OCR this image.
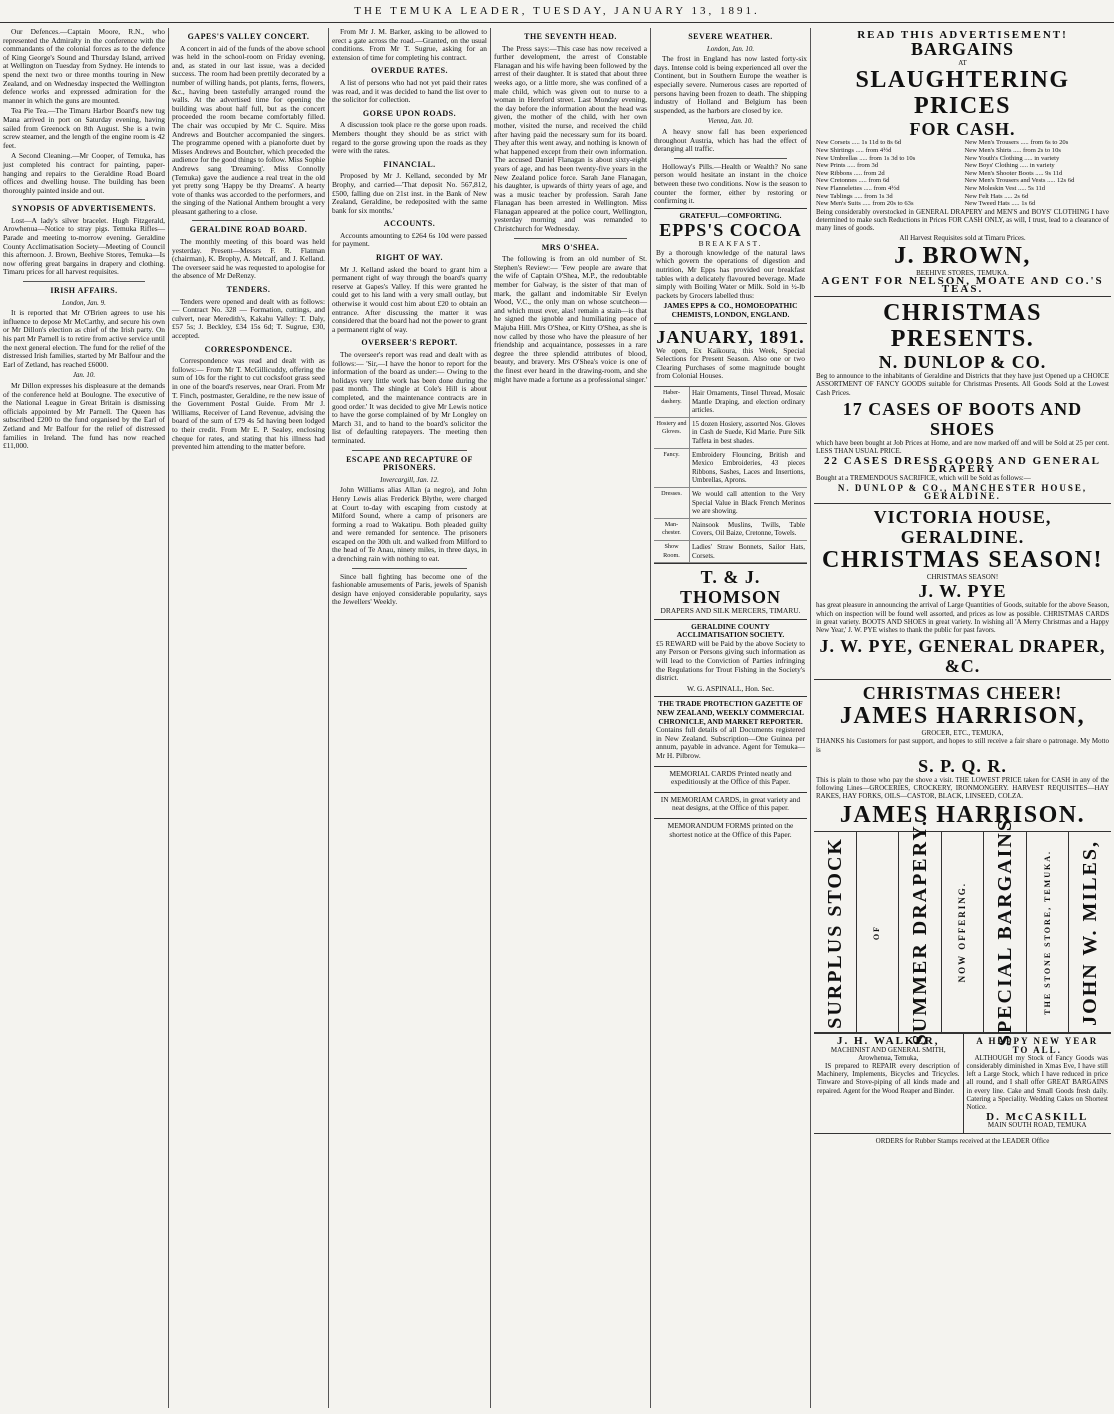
THE TEMUKA LEADER, TUESDAY, JANUARY 13, 1891.

Our Defences.—Captain Moore, R.N., who represented the Admiralty in the conference with the commandants of the colonial forces as to the defence of King George's Sound and Thursday Island, arrived at Wellington on Tuesday from Sydney. He intends to spend the next two or three months touring in New Zealand, and on Wednesday inspected the Wellington defence works and expressed admiration for the manner in which the guns are mounted.

Tea Pie Tea.—The Timaru Harbor Board's new tug Mana arrived in port on Saturday evening, having sailed from Greenock on 8th August. She is a twin screw steamer, and the length of the engine room is 42 feet.

A Second Cleaning.—Mr Cooper, of Temuka, has just completed his contract for painting, paper-hanging and repairs to the Geraldine Road Board offices and dwelling house. The building has been thoroughly painted inside and out.

SYNOPSIS OF ADVERTISEMENTS.

Lost—A lady's silver bracelet. Hugh Fitzgerald, Arowhenua—Notice to stray pigs. Temuka Rifles—Parade and meeting to-morrow evening. Geraldine County Acclimatisation Society—Meeting of Council this afternoon. J. Brown, Beehive Stores, Temuka—Is now offering great bargains in drapery and clothing. Timaru prices for all harvest requisites.

IRISH AFFAIRS.
London, Jan. 9.

It is reported that Mr O'Brien agrees to use his influence to depose Mr McCarthy, and secure his own or Mr Dillon's election as chief of the Irish party. On his part Mr Parnell is to retire from active service until the next general election. The fund for the relief of the distressed Irish families, started by Mr Balfour and the Earl of Zetland, has reached £6000.

Jan. 10.

Mr Dillon expresses his displeasure at the demands of the conference held at Boulogne. The executive of the National League in Great Britain is dismissing officials appointed by Mr Parnell. The Queen has subscribed £200 to the fund organised by the Earl of Zetland and Mr Balfour for the relief of distressed families in Ireland. The fund has now reached £11,000.

GAPES'S VALLEY CONCERT.

A concert in aid of the funds of the above school was held in the school-room on Friday evening, and, as stated in our last issue, was a decided success. The room had been prettily decorated by a number of willing hands, pot plants, ferns, flowers, &c., having been tastefully arranged round the walls. At the advertised time for opening the building was about half full, but as the concert proceeded the room became comfortably filled. The chair was occupied by Mr C. Squire. Miss Andrews and Boutcher accompanied the singers. The programme opened with a pianoforte duet by Misses Andrews and Boutcher, which preceded the audience for the good things to follow. Miss Sophie Andrews sang 'Dreaming'. Miss Connolly (Temuka) gave the audience a real treat in the old yet pretty song 'Happy be thy Dreams'. A hearty vote of thanks was accorded to the performers, and the singing of the National Anthem brought a very pleasant gathering to a close.

GERALDINE ROAD BOARD.

The monthly meeting of this board was held yesterday. Present—Messrs F. R. Flatman (chairman), K. Brophy, A. Metcalf, and J. Kelland. The overseer said he was requested to apologise for the absence of Mr DeRenzy.

TENDERS.

Tenders were opened and dealt with as follows:— Contract No. 328 — Formation, cuttings, and culvert, near Meredith's, Kakahu Valley: T. Daly, £57 5s; J. Beckley, £34 15s 6d; T. Sugrue, £30, accepted.

CORRESPONDENCE.

Correspondence was read and dealt with as follows:— From Mr T. McGillicuddy, offering the sum of 10s for the right to cut cocksfoot grass seed in one of the board's reserves, near Orari. From Mr T. Finch, postmaster, Geraldine, re the new issue of the Government Postal Guide. From Mr J. Williams, Receiver of Land Revenue, advising the board of the sum of £79 4s 5d having been lodged to their credit. From Mr E. P. Sealey, enclosing cheque for rates, and stating that his illness had prevented him attending to the matter before.

From Mr J. M. Barker, asking to be allowed to erect a gate across the road.—Granted, on the usual conditions. From Mr T. Sugrue, asking for an extension of time for completing his contract.

OVERDUE RATES.

A list of persons who had not yet paid their rates was read, and it was decided to hand the list over to the solicitor for collection.

GORSE UPON ROADS.

A discussion took place re the gorse upon roads. Members thought they should be as strict with regard to the gorse growing upon the roads as they were with the rates.

FINANCIAL.

Proposed by Mr J. Kelland, seconded by Mr Brophy, and carried—'That deposit No. 567,812, £500, falling due on 21st inst. in the Bank of New Zealand, Geraldine, be redeposited with the same bank for six months.'

ACCOUNTS.

Accounts amounting to £264 6s 10d were passed for payment.

RIGHT OF WAY.

Mr J. Kelland asked the board to grant him a permanent right of way through the board's quarry reserve at Gapes's Valley. If this were granted he could get to his land with a very small outlay, but otherwise it would cost him about £20 to obtain an entrance. After discussing the matter it was considered that the board had not the power to grant a permanent right of way.

OVERSEER'S REPORT.

The overseer's report was read and dealt with as follows:— 'Sir,—I have the honor to report for the information of the board as under:— Owing to the holidays very little work has been done during the past month. The shingle at Cole's Hill is about completed, and the maintenance contracts are in good order.' It was decided to give Mr Lewis notice to have the gorse complained of by Mr Longley on March 31, and to hand to the board's solicitor the list of defaulting ratepayers. The meeting then terminated.

ESCAPE AND RECAPTURE OF PRISONERS.
Invercargill, Jan. 12.

John Williams alias Allan (a negro), and John Henry Lewis alias Frederick Blythe, were charged at Court to-day with escaping from custody at Milford Sound, where a camp of prisoners are forming a road to Wakatipu. Both pleaded guilty and were remanded for sentence. The prisoners escaped on the 30th ult. and walked from Milford to the head of Te Anau, ninety miles, in three days, in a drenching rain with nothing to eat.

Since ball fighting has become one of the fashionable amusements of Paris, jewels of Spanish design have enjoyed considerable popularity, says the Jewellers' Weekly.

THE SEVENTH HEAD.

The Press says:—This case has now received a further development, the arrest of Constable Flanagan and his wife having been followed by the arrest of their daughter. It is stated that about three weeks ago, or a little more, she was confined of a male child, which was given out to nurse to a woman in Hereford street. Last Monday evening, the day before the information about the head was given, the mother of the child, with her own mother, visited the nurse, and received the child after having paid the necessary sum for its board. They after this went away, and nothing is known of what happened except from their own information. The accused Daniel Flanagan is about sixty-eight years of age, and has been twenty-five years in the New Zealand police force. Sarah Jane Flanagan, his daughter, is upwards of thirty years of age, and was a music teacher by profession. Sarah Jane Flanagan has been arrested in Wellington. Miss Flanagan appeared at the police court, Wellington, yesterday morning and was remanded to Christchurch for Wednesday.

MRS O'SHEA.

The following is from an old number of St. Stephen's Review:— 'Few people are aware that the wife of Captain O'Shea, M.P., the redoubtable member for Galway, is the sister of that man of mark, the gallant and indomitable Sir Evelyn Wood, V.C., the only man on whose scutcheon—and which must ever, alas! remain a stain—is that he signed the ignoble and humiliating peace of Majuba Hill. Mrs O'Shea, or Kitty O'Shea, as she is now called by those who have the pleasure of her friendship and acquaintance, possesses in a rare degree the three splendid attributes of blood, beauty, and bravery. Mrs O'Shea's voice is one of the finest ever heard in the drawing-room, and she might have made a fortune as a professional singer.'

SEVERE WEATHER.
London, Jan. 10.

The frost in England has now lasted forty-six days. Intense cold is being experienced all over the Continent, but in Southern Europe the weather is especially severe. Numerous cases are reported of persons having been frozen to death. The shipping industry of Holland and Belgium has been suspended, as the harbors are closed by ice.

Vienna, Jan. 10.

A heavy snow fall has been experienced throughout Austria, which has had the effect of deranging all traffic.

Holloway's Pills.—Health or Wealth? No sane person would hesitate an instant in the choice between these two conditions. Now is the season to counter the former, either by restoring or confirming it.

GRATEFUL—COMFORTING.
EPPS'S COCOA
BREAKFAST.

By a thorough knowledge of the natural laws which govern the operations of digestion and nutrition, Mr Epps has provided our breakfast tables with a delicately flavoured beverage. Made simply with Boiling Water or Milk. Sold in ½-lb packets by Grocers labelled thus:

JAMES EPPS & CO., HOMOEOPATHIC CHEMISTS, LONDON, ENGLAND.
JANUARY, 1891.

We open, Ex Kaikoura, this Week, Special Selections for Present Season. Also one or two Clearing Purchases of some magnitude bought from Colonial Houses.

Haber-dashery.
Hair Ornaments, Tinsel Thread, Mosaic Mantle Draping, and election ordinary articles.
Hosiery and Gloves.
15 dozen Hosiery, assorted Nos. Gloves in Cash de Suede, Kid Marie. Pure Silk Taffeta in best shades.
Fancy.	Embroidery Flouncing, British and Mexico Embroideries, 43 pieces Ribbons, Sashes, Laces and Insertions, Umbrellas, Aprons.
Dresses.	We would call attention to the Very Special Value in Black French Merinos we are showing.
Man-chester.
Nainsook Muslins, Twills, Table Covers, Oil Baize, Cretonne, Towels.
Show Room.
Ladies' Straw Bonnets, Sailor Hats, Corsets.
T. & J. THOMSON
DRAPERS AND SILK MERCERS, TIMARU.
GERALDINE COUNTY ACCLIMATISATION SOCIETY.

£5 REWARD will be Paid by the above Society to any Person or Persons giving such information as will lead to the Conviction of Parties infringing the Regulations for Trout Fishing in the Society's district.

W. G. ASPINALL, Hon. Sec.
THE TRADE PROTECTION GAZETTE OF NEW ZEALAND, WEEKLY COMMERCIAL CHRONICLE, AND MARKET REPORTER.

Contains full details of all Documents registered in New Zealand. Subscription—One Guinea per annum, payable in advance. Agent for Temuka—Mr H. Pilbrow.

MEMORIAL CARDS Printed neatly and expeditiously at the Office of this Paper.

IN MEMORIAM CARDS, in great variety and neat designs, at the Office of this paper.

MEMORANDUM FORMS printed on the shortest notice at the Office of this Paper.

READ THIS ADVERTISEMENT!
BARGAINS
AT
SLAUGHTERING PRICES
FOR CASH.
New Corsets ..... 1s 11d to 8s 6d
New Shirtings ..... from 4½d
New Umbrellas ..... from 1s 3d to 10s
New Prints ..... from 3d
New Ribbons ..... from 2d
New Cretonnes ..... from 6d
New Flannelettes ..... from 4½d
New Tablings ..... from 1s 3d
New Men's Suits ..... from 20s to 63s
New Men's Trousers ..... from 6s to 20s
New Men's Shirts ..... from 2s to 10s
New Youth's Clothing ..... in variety
New Boys' Clothing ..... in variety
New Men's Shooter Boots ..... 9s 11d
New Men's Trousers and Vests ..... 12s 6d
New Moleskin Vest ..... 5s 11d
New Felt Hats ..... 2s 6d
New Tweed Hats ..... 1s 6d

Being considerably overstocked in GENERAL DRAPERY and MEN'S and BOYS' CLOTHING I have determined to make such Reductions in Prices FOR CASH ONLY, as will, I trust, lead to a clearance of many lines of goods.

All Harvest Requisites sold at Timaru Prices.
J. BROWN,
BEEHIVE STORES, TEMUKA.
AGENT FOR NELSON, MOATE AND CO.'S TEAS.
CHRISTMAS PRESENTS.
N. DUNLOP & CO.

Beg to announce to the inhabitants of Geraldine and Districts that they have just Opened up a CHOICE ASSORTMENT OF FANCY GOODS suitable for Christmas Presents. All Goods Sold at the Lowest Cash Prices.

17 CASES OF BOOTS AND SHOES

which have been bought at Job Prices at Home, and are now marked off and will be Sold at 25 per cent. LESS THAN USUAL PRICE.

22 CASES DRESS GOODS AND GENERAL DRAPERY

Bought at a TREMENDOUS SACRIFICE, which will be Sold as follows:—

N. DUNLOP & CO., MANCHESTER HOUSE, GERALDINE.
VICTORIA HOUSE, GERALDINE.
CHRISTMAS SEASON!
CHRISTMAS SEASON!
J. W. PYE

has great pleasure in announcing the arrival of Large Quantities of Goods, suitable for the above Season, which on inspection will be found well assorted, and prices as low as possible. CHRISTMAS CARDS in great variety. BOOTS AND SHOES in great variety. In wishing all 'A Merry Christmas and a Happy New Year,' J. W. PYE wishes to thank the public for past favors.

J. W. PYE, GENERAL DRAPER, &C.
CHRISTMAS CHEER!
JAMES HARRISON,
GROCER, ETC., TEMUKA,

THANKS his Customers for past support, and hopes to still receive a fair share o patronage. My Motto is

S. P. Q. R.

This is plain to those who pay the shove a visit. THE LOWEST PRICE taken for CASH in any of the following Lines—GROCERIES, CROCKERY, IRONMONGERY. HARVEST REQUISITES—HAY RAKES, HAY FORKS, OILS—CASTOR, BLACK, LINSEED, COLZA.

JAMES HARRISON.
SURPLUS STOCK	OF SUMMER DRAPERY.	NOW OFFERING. SPECIAL BARGAINS	THE STONE STORE, TEMUKA. JOHN W. MILES,
J. H. WALKER,
MACHINIST AND GENERAL SMITH, Arowhenua, Temuka,

IS prepared to REPAIR every description of Machinery, Implements, Bicycles and Tricycles. Tinware and Stove-piping of all kinds made and repaired. Agent for the Wood Reaper and Binder.

A HAPPY NEW YEAR TO ALL.

ALTHOUGH my Stock of Fancy Goods was considerably diminished in Xmas Eve, I have still left a Large Stock, which I have reduced in price all round, and I shall offer GREAT BARGAINS in every line. Cake and Small Goods fresh daily. Catering a Speciality. Wedding Cakes on Shortest Notice.

D. McCASKILL
MAIN SOUTH ROAD, TEMUKA

ORDERS for Rubber Stamps received at the LEADER Office
